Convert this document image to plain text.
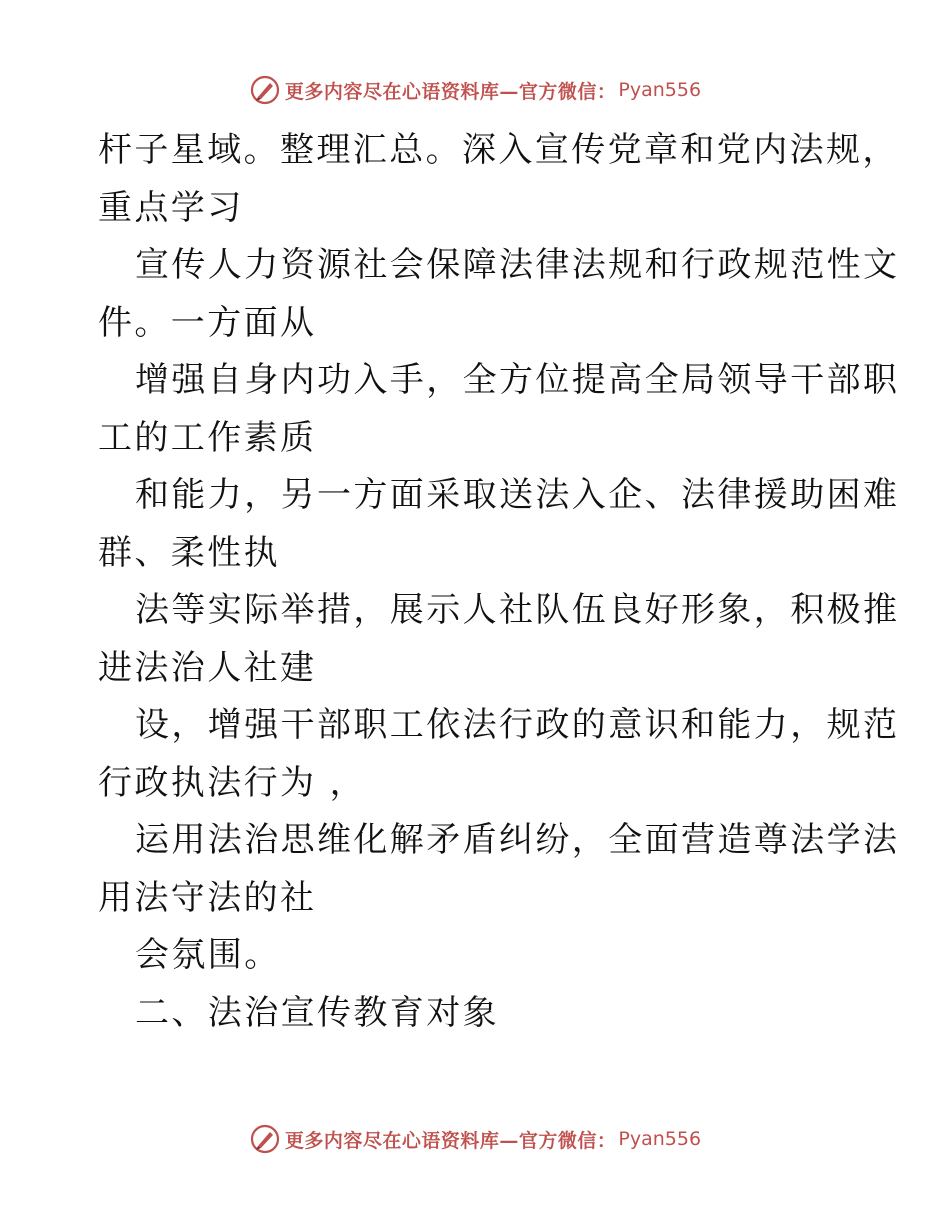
更多内容尽在心语资料库—官方微信： Pyan556
杆子星域。整理汇总。深入宣传党章和党内法规，
重点学习
宣传人力资源社会保障法律法规和行政规范性文
件。一方面从
增强自身内功入手，全方位提高全局领导干部职
工的工作素质
和能力，另一方面采取送法入企、法律援助困难
群、柔性执
法等实际举措，展示人社队伍良好形象，积极推
进法治人社建
设，增强干部职工依法行政的意识和能力，规范
行政执法行为 ，
运用法治思维化解矛盾纠纷，全面营造尊法学法
用法守法的社
会氛围。
二、法治宣传教育对象
更多内容尽在心语资料库—官方微信： Pyan556
